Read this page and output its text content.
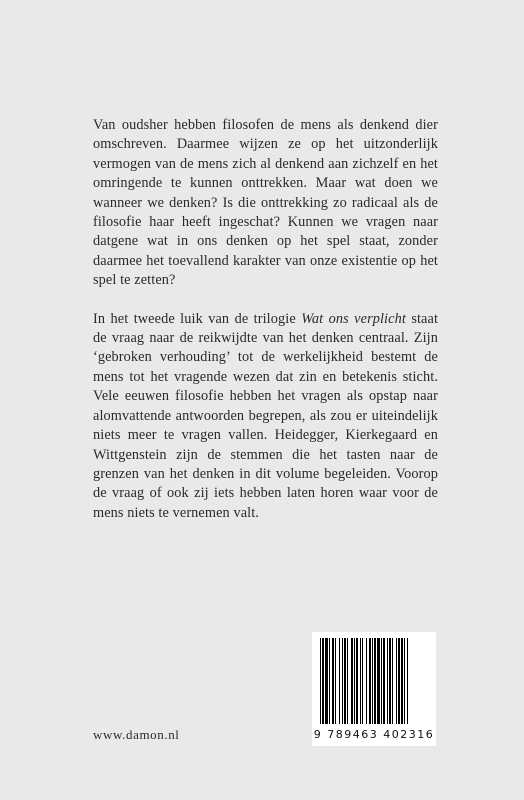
Van oudsher hebben filosofen de mens als denkend dier omschreven. Daarmee wijzen ze op het uitzonderlijk vermogen van de mens zich al denkend aan zichzelf en het omringende te kunnen onttrekken. Maar wat doen we wanneer we denken? Is die onttrekking zo radicaal als de filosofie haar heeft ingeschat? Kunnen we vragen naar datgene wat in ons denken op het spel staat, zonder daarmee het toevallend karakter van onze existentie op het spel te zetten?

In het tweede luik van de trilogie Wat ons verplicht staat de vraag naar de reikwijdte van het denken centraal. Zijn ‘gebroken verhouding’ tot de werkelijkheid bestemt de mens tot het vragende wezen dat zin en betekenis sticht. Vele eeuwen filosofie hebben het vragen als opstap naar alomvattende antwoorden begrepen, als zou er uiteindelijk niets meer te vragen vallen. Heidegger, Kierkegaard en Wittgenstein zijn de stemmen die het tasten naar de grenzen van het denken in dit volume begeleiden. Voorop de vraag of ook zij iets hebben laten horen waar voor de mens niets te vernemen valt.

www.damon.nl	9 789463 402316
